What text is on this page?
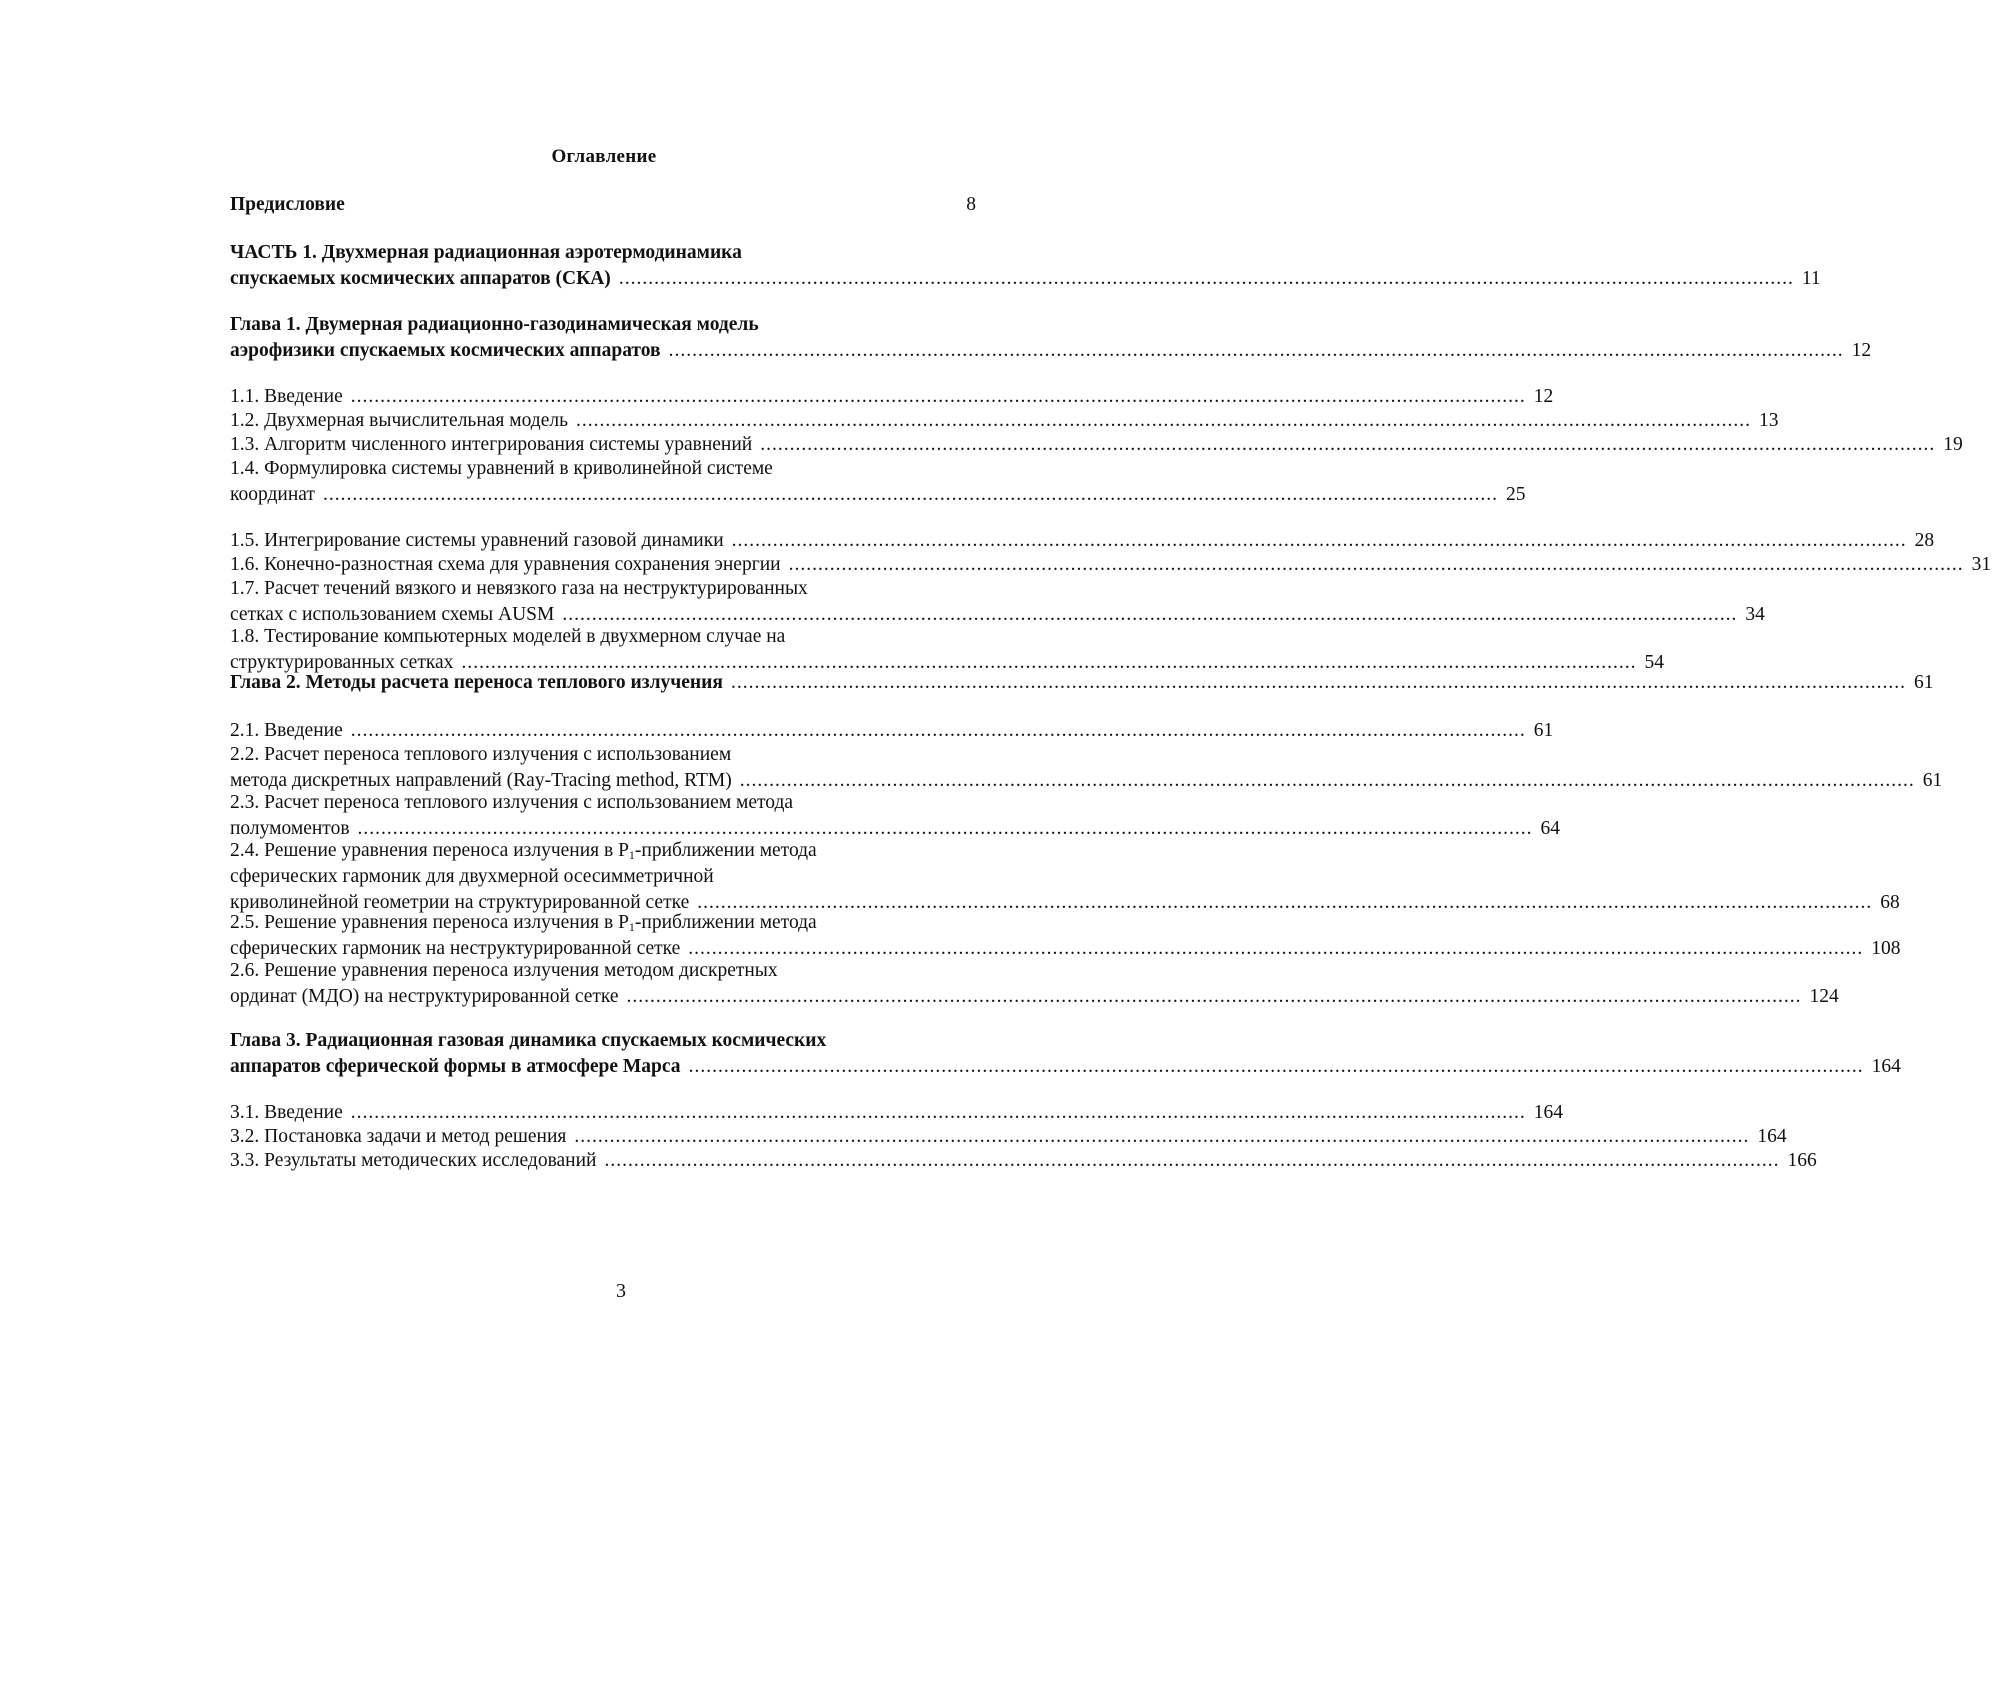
Оглавление
Предисловие	8
ЧАСТЬ 1. Двухмерная радиационная аэротермодинамика
спускаемых космических аппаратов (СКА) ........................................................................................................................................................................................................ 11
Глава 1. Двумерная радиационно-газодинамическая модель
аэрофизики спускаемых космических аппаратов ........................................................................................................................................................................................................ 12
1.1. Введение ........................................................................................................................................................................................................ 12
1.2. Двухмерная вычислительная модель ........................................................................................................................................................................................................ 13
1.3. Алгоритм численного интегрирования системы уравнений ........................................................................................................................................................................................................ 19
1.4. Формулировка системы уравнений в криволинейной системе
координат ........................................................................................................................................................................................................ 25
1.5. Интегрирование системы уравнений газовой динамики ........................................................................................................................................................................................................ 28
1.6. Конечно-разностная схема для уравнения сохранения энергии ........................................................................................................................................................................................................ 31
1.7. Расчет течений вязкого и невязкого газа на неструктурированных
сетках с использованием схемы AUSM ........................................................................................................................................................................................................ 34
1.8. Тестирование компьютерных моделей в двухмерном случае на
структурированных сетках ........................................................................................................................................................................................................ 54
Глава 2. Методы расчета переноса теплового излучения ........................................................................................................................................................................................................ 61
2.1. Введение ........................................................................................................................................................................................................ 61
2.2. Расчет переноса теплового излучения с использованием
метода дискретных направлений (Ray-Tracing method, RTM) ........................................................................................................................................................................................................ 61
2.3. Расчет переноса теплового излучения с использованием метода
полумоментов ........................................................................................................................................................................................................ 64
2.4. Решение уравнения переноса излучения в $P_1$-приближении метода
сферических гармоник для двухмерной осесимметричной
криволинейной геометрии на структурированной сетке ........................................................................................................................................................................................................ 68
2.5. Решение уравнения переноса излучения в $P_1$-приближении метода
сферических гармоник на неструктурированной сетке ........................................................................................................................................................................................................ 108
2.6. Решение уравнения переноса излучения методом дискретных
ординат (МДО) на неструктурированной сетке ........................................................................................................................................................................................................ 124
Глава 3. Радиационная газовая динамика спускаемых космических
аппаратов сферической формы в атмосфере Марса ........................................................................................................................................................................................................ 164
3.1. Введение ........................................................................................................................................................................................................ 164
3.2. Постановка задачи и метод решения ........................................................................................................................................................................................................ 164
3.3. Результаты методических исследований ........................................................................................................................................................................................................ 166
3
